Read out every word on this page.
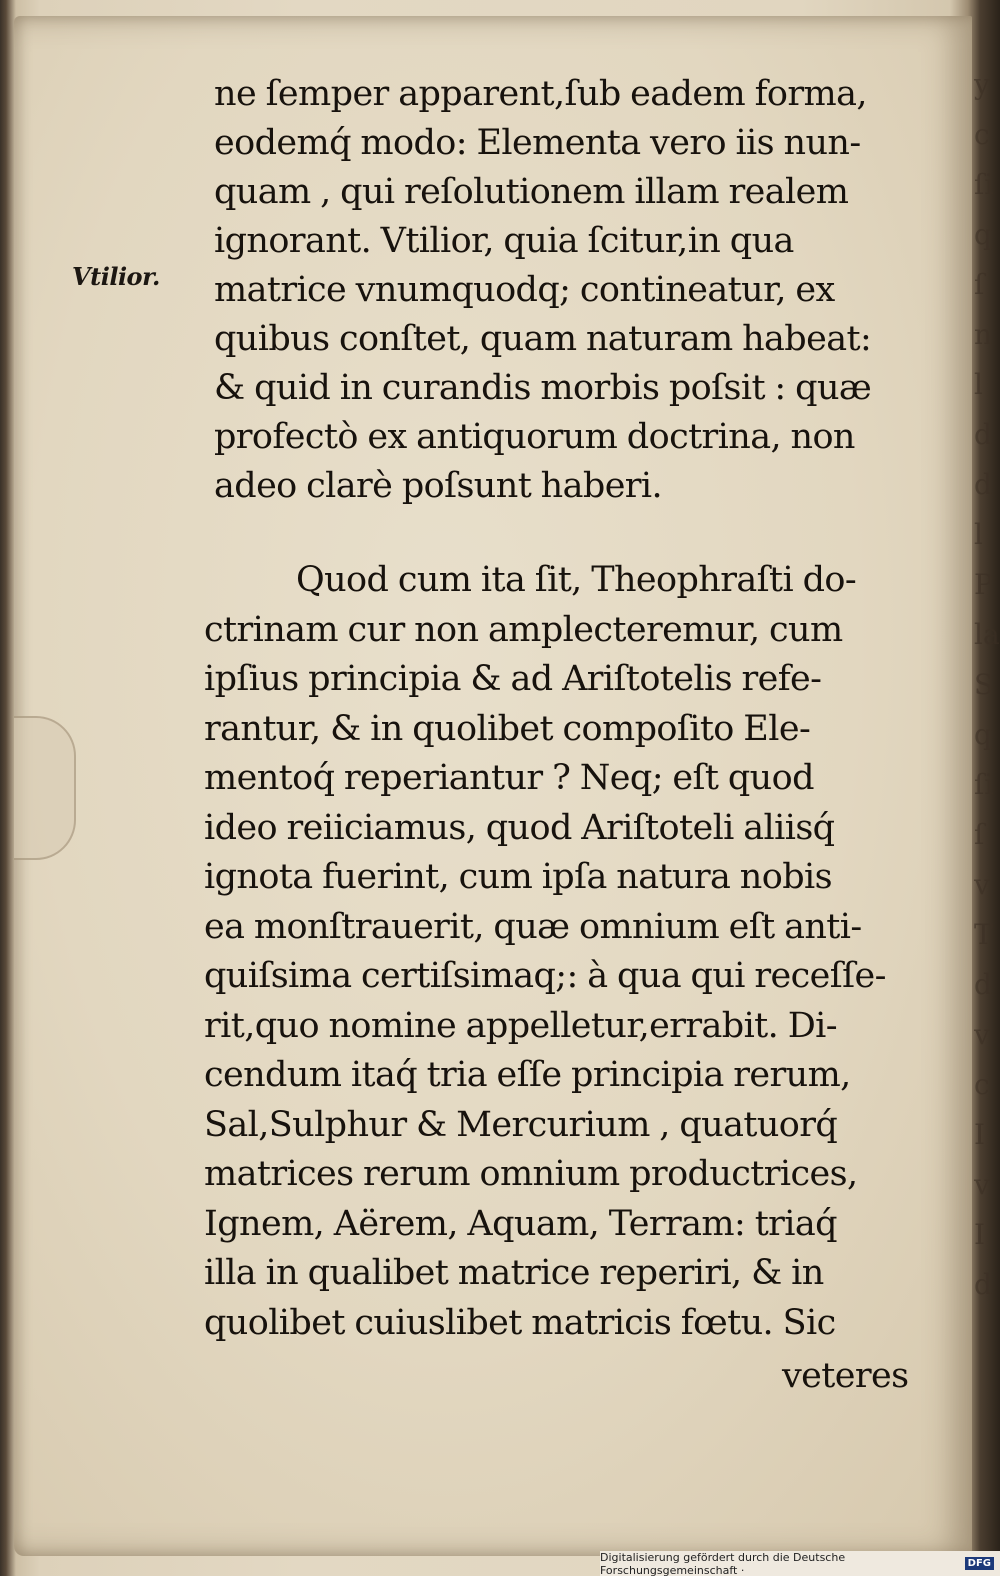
y
c
ſi
q
ſ
n
l
d
d
l
P
la
S
q
ſi
ſ
v
T
d
v
c
I
v
I
d
Vtilior.
ne ſemper apparent,ſub eadem forma,
eodemq́ modo: Elementa vero iis nun-
quam , qui reſolutionem illam realem
ignorant. Vtilior, quia ſcitur,in qua
matrice vnumquodq; contineatur, ex
quibus conſtet, quam naturam habeat:
& quid in curandis morbis poſsit : quæ
profectò ex antiquorum doctrina, non
adeo clarè poſsunt haberi.
Quod cum ita ſit, Theophraſti do-
ctrinam cur non amplecteremur, cum
ipſius principia & ad Ariſtotelis refe-
rantur, & in quolibet compoſito Ele-
mentoq́ reperiantur ? Neq; eſt quod
ideo reiiciamus, quod Ariſtoteli aliisq́
ignota fuerint, cum ipſa natura nobis
ea monſtrauerit, quæ omnium eſt anti-
quiſsima certiſsimaq;: à qua qui receſſe-
rit,quo nomine appelletur,errabit. Di-
cendum itaq́ tria eſſe principia rerum,
Sal,Sulphur & Mercurium , quatuorq́
matrices rerum omnium productrices,
Ignem, Aërem, Aquam, Terram: triaq́
illa in qualibet matrice reperiri, & in
quolibet cuiuslibet matricis fœtu. Sic
veteres
Digitalisierung gefördert durch die Deutsche Forschungsgemeinschaft ·	DFG
